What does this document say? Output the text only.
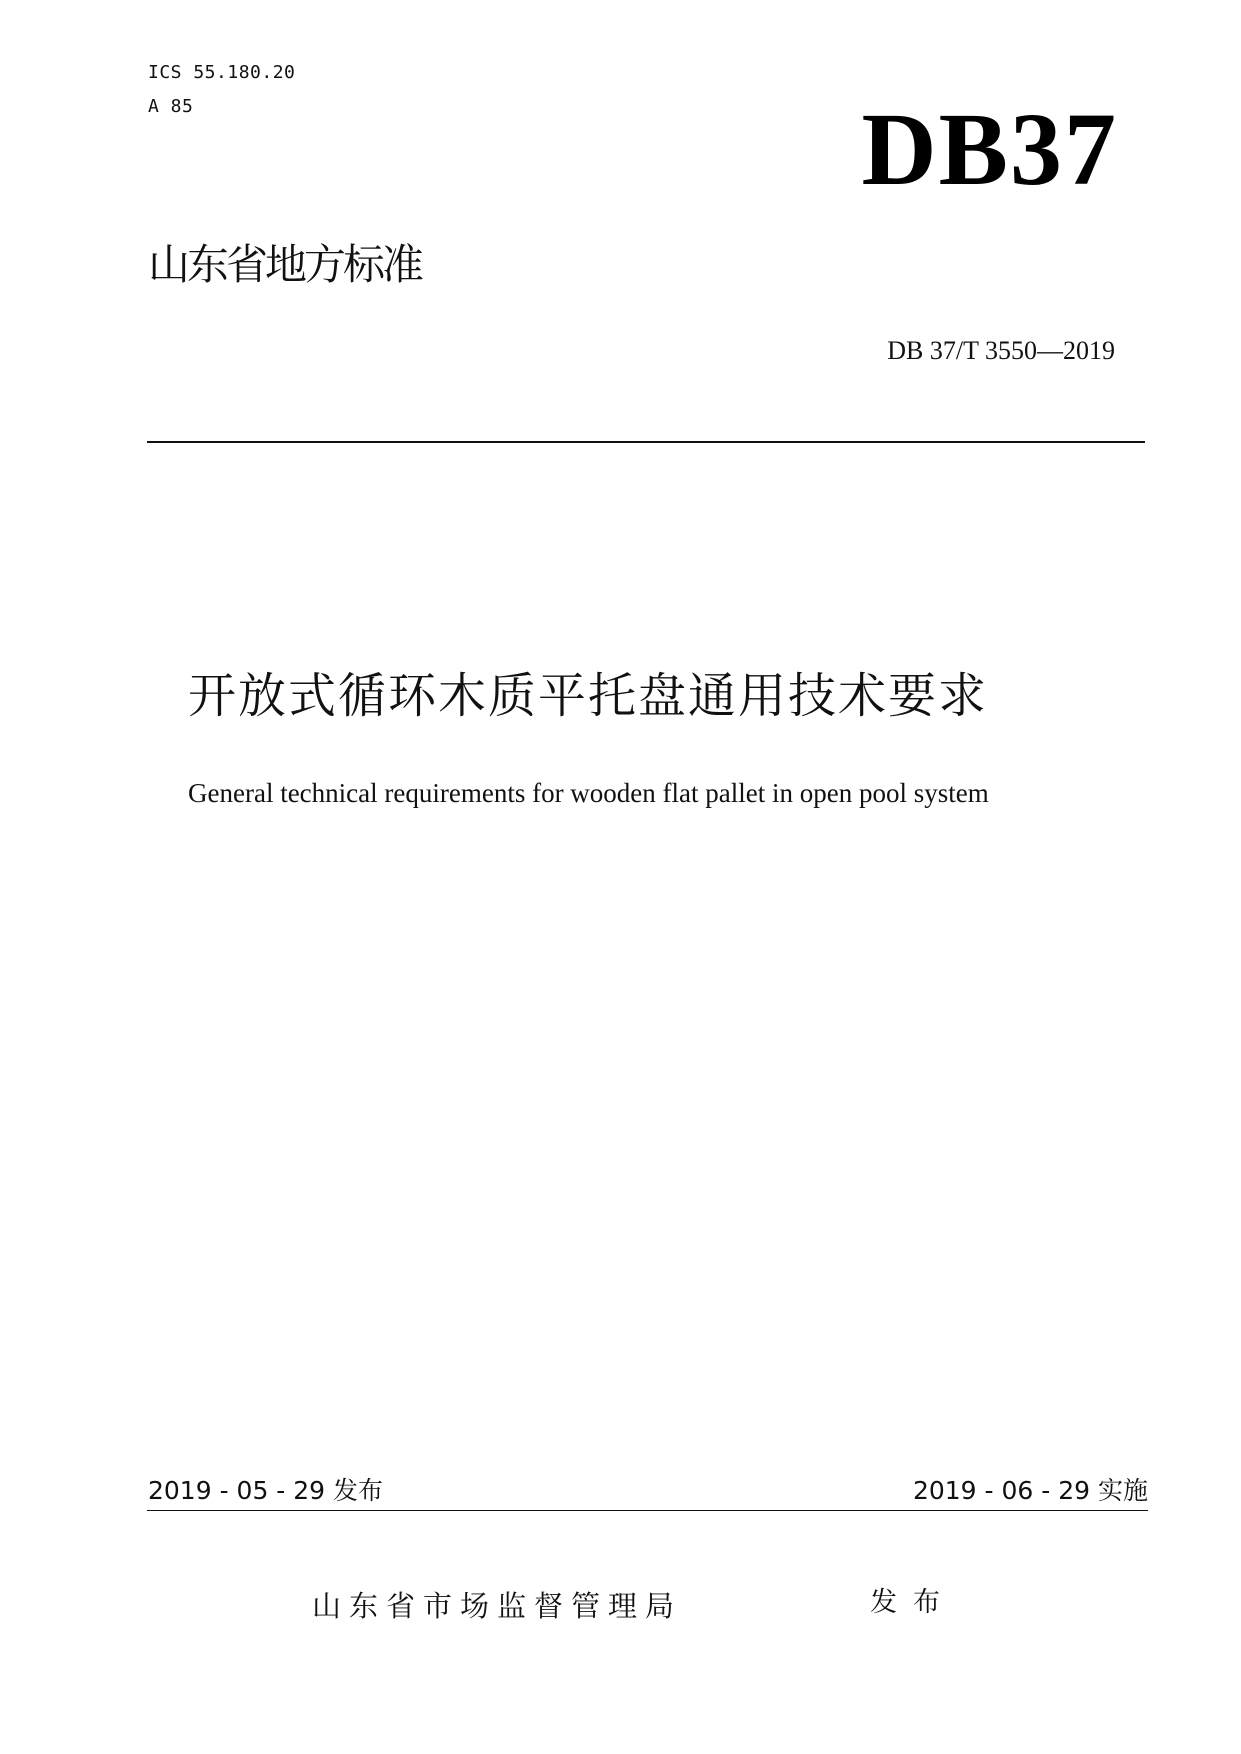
ICS 55.180.20
A 85	DB37
山东省地方标准
DB 37/T 3550—2019
开放式循环木质平托盘通用技术要求
General technical requirements for wooden flat pallet in open pool system
2019 - 05 - 29 发布	2019 - 06 - 29 实施
山东省市场监督管理局	发布
